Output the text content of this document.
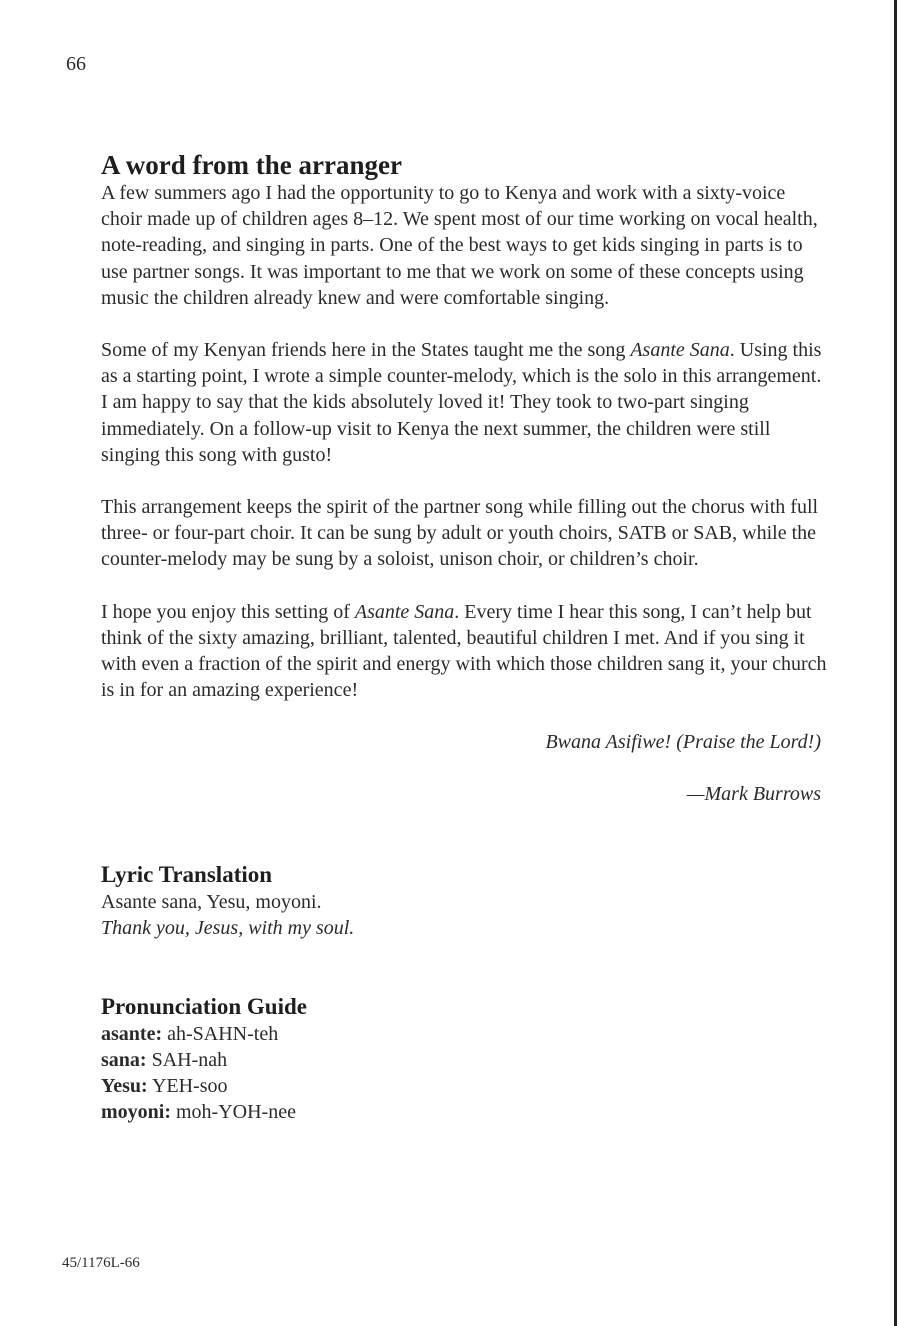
66
A word from the arranger

A few summers ago I had the opportunity to go to Kenya and work with a sixty-voice choir made up of children ages 8–12. We spent most of our time working on vocal health, note-reading, and singing in parts. One of the best ways to get kids singing in parts is to use partner songs. It was important to me that we work on some of these concepts using music the children already knew and were comfortable singing.

Some of my Kenyan friends here in the States taught me the song Asante Sana. Using this as a starting point, I wrote a simple counter-melody, which is the solo in this arrangement. I am happy to say that the kids absolutely loved it! They took to two-part singing immediately. On a follow-up visit to Kenya the next summer, the children were still singing this song with gusto!

This arrangement keeps the spirit of the partner song while filling out the chorus with full three- or four-part choir. It can be sung by adult or youth choirs, SATB or SAB, while the counter-melody may be sung by a soloist, unison choir, or children’s choir.

I hope you enjoy this setting of Asante Sana. Every time I hear this song, I can’t help but think of the sixty amazing, brilliant, talented, beautiful children I met. And if you sing it with even a fraction of the spirit and energy with which those children sang it, your church is in for an amazing experience!

Bwana Asifiwe! (Praise the Lord!)
—Mark Burrows
Lyric Translation
Asante sana, Yesu, moyoni.
Thank you, Jesus, with my soul.
Pronunciation Guide
asante: ah-SAHN-teh
sana: SAH-nah
Yesu: YEH-soo
moyoni: moh-YOH-nee
45/1176L-66
